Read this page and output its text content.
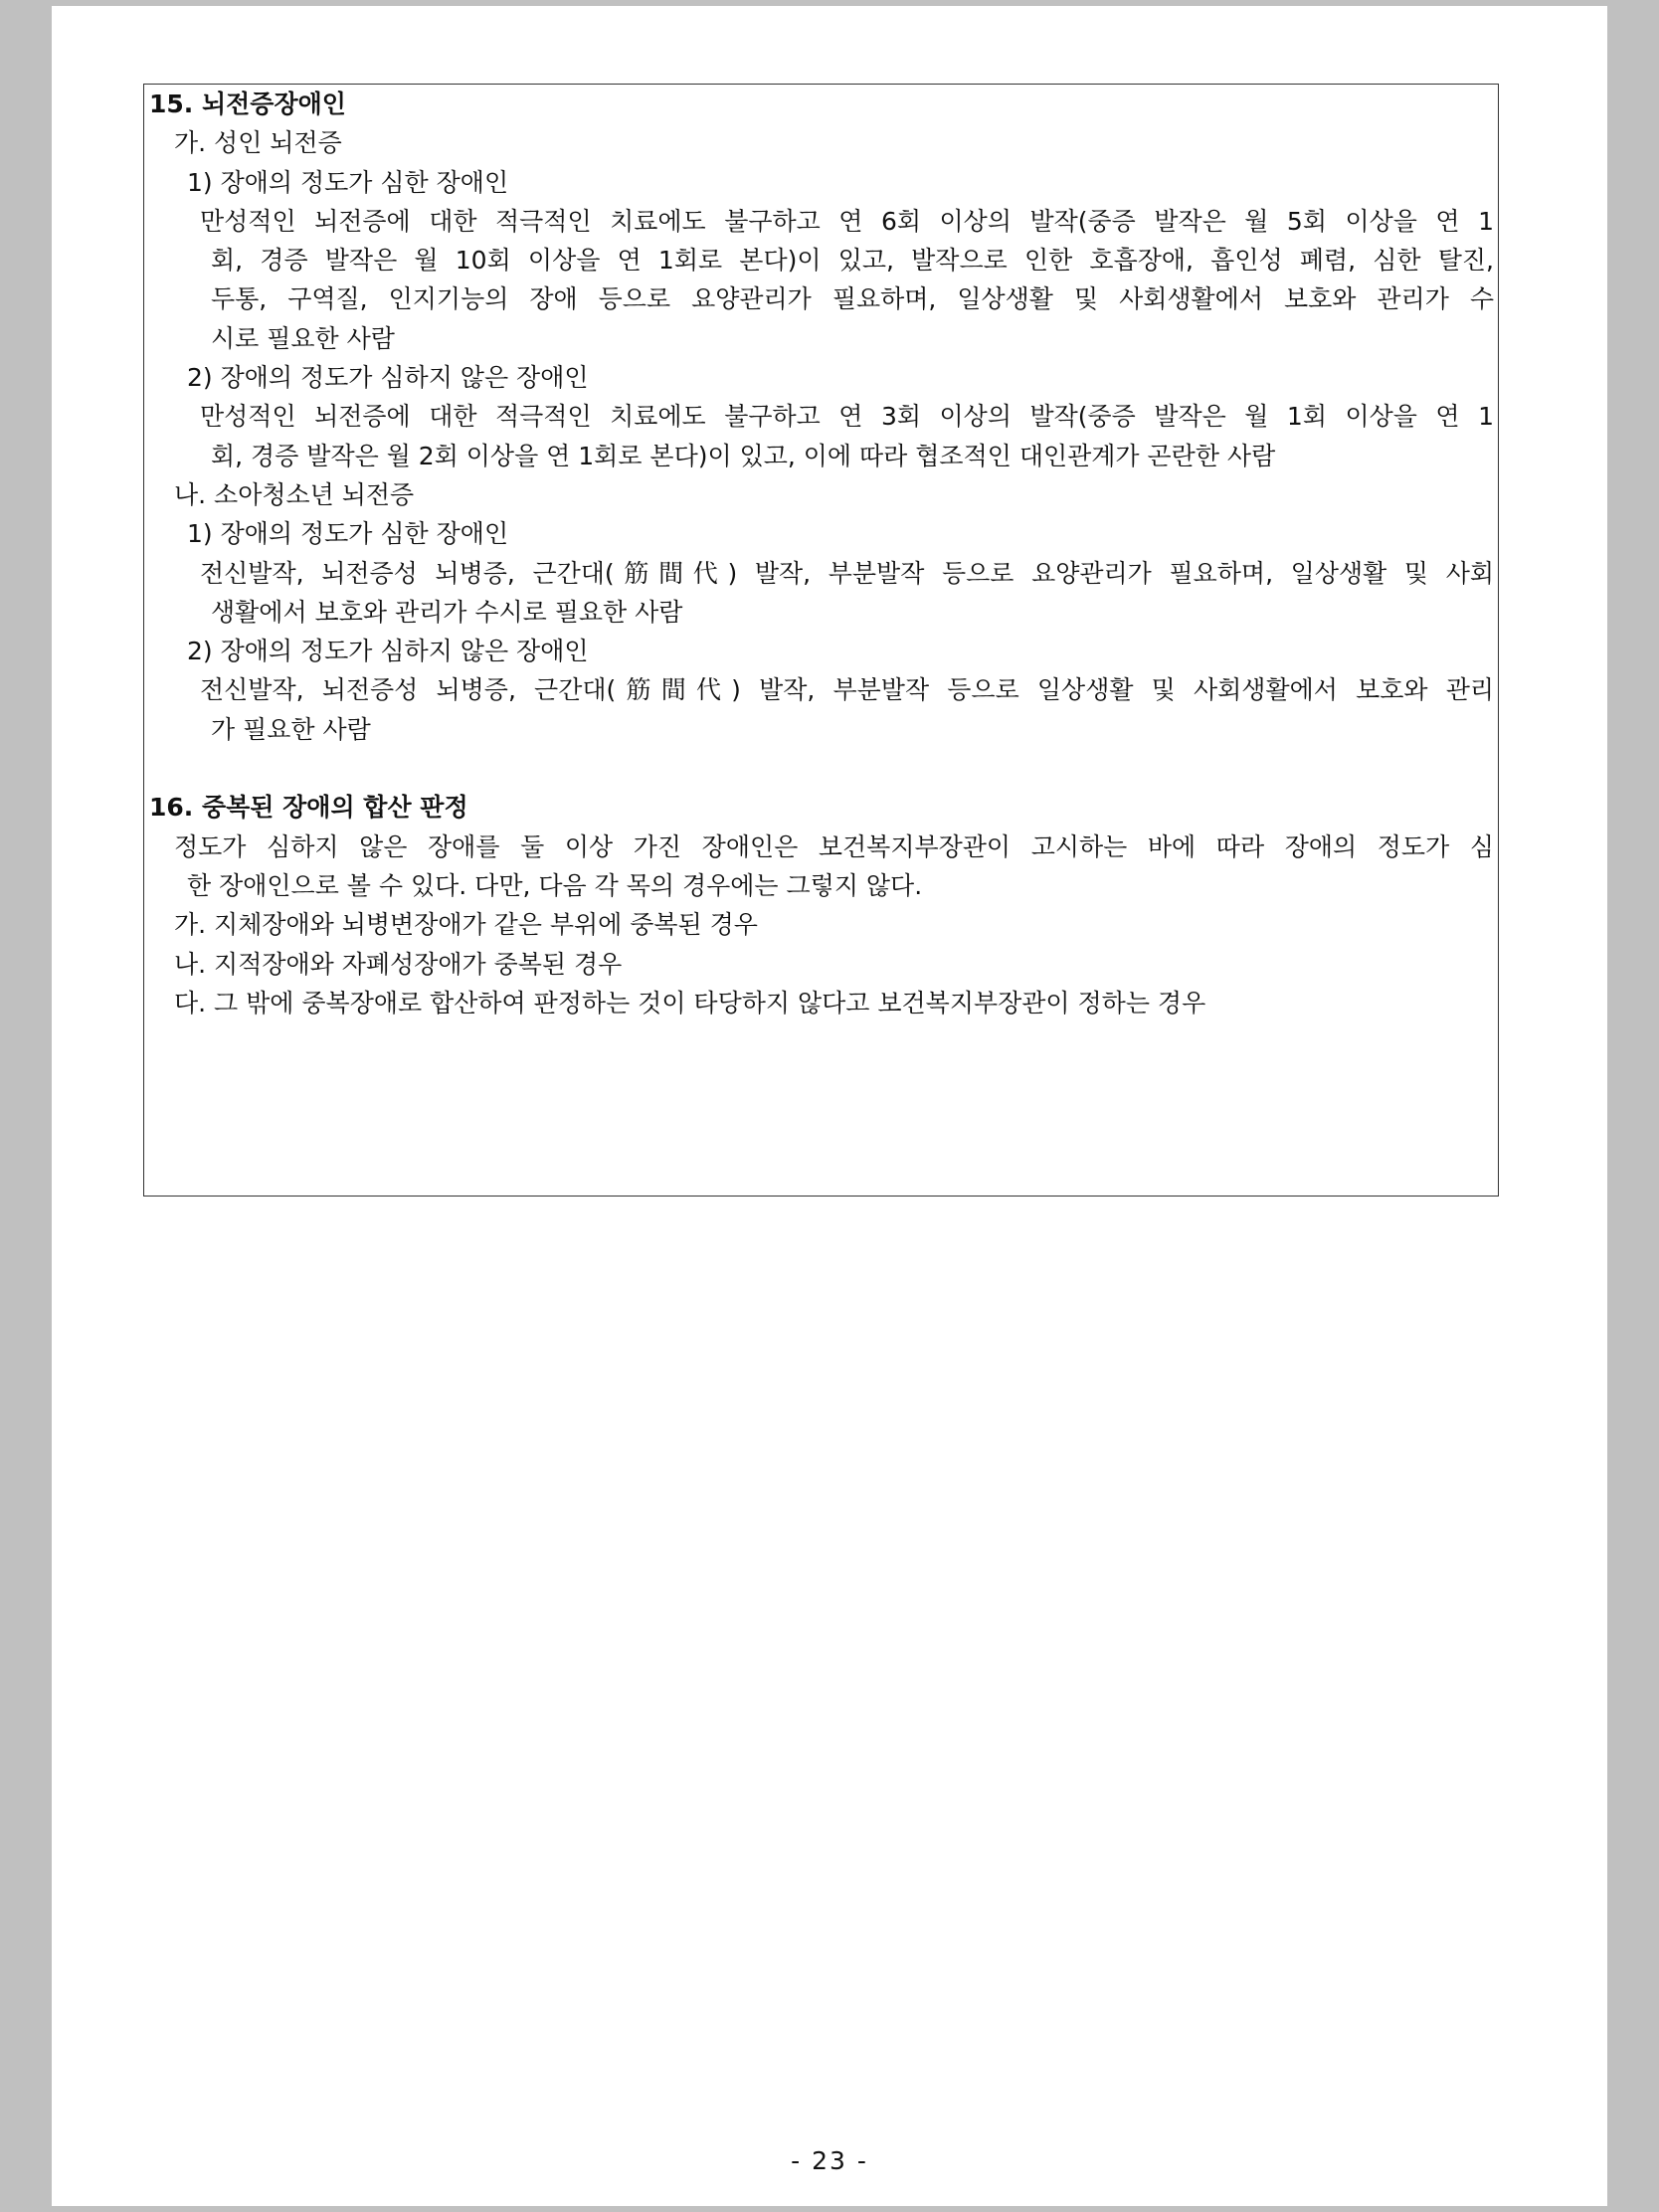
15. 뇌전증장애인
가. 성인 뇌전증
1) 장애의 정도가 심한 장애인
만성적인 뇌전증에 대한 적극적인 치료에도 불구하고 연 6회 이상의 발작(중증 발작은 월 5회 이상을 연 1
회, 경증 발작은 월 10회 이상을 연 1회로 본다)이 있고, 발작으로 인한 호흡장애, 흡인성 폐렴, 심한 탈진,
두통, 구역질, 인지기능의 장애 등으로 요양관리가 필요하며, 일상생활 및 사회생활에서 보호와 관리가 수
시로 필요한 사람
2) 장애의 정도가 심하지 않은 장애인
만성적인 뇌전증에 대한 적극적인 치료에도 불구하고 연 3회 이상의 발작(중증 발작은 월 1회 이상을 연 1
회, 경증 발작은 월 2회 이상을 연 1회로 본다)이 있고, 이에 따라 협조적인 대인관계가 곤란한 사람
나. 소아청소년 뇌전증
1) 장애의 정도가 심한 장애인
전신발작, 뇌전증성 뇌병증, 근간대(筋間代) 발작, 부분발작 등으로 요양관리가 필요하며, 일상생활 및 사회
생활에서 보호와 관리가 수시로 필요한 사람
2) 장애의 정도가 심하지 않은 장애인
전신발작, 뇌전증성 뇌병증, 근간대(筋間代) 발작, 부분발작 등으로 일상생활 및 사회생활에서 보호와 관리
가 필요한 사람
16. 중복된 장애의 합산 판정
정도가 심하지 않은 장애를 둘 이상 가진 장애인은 보건복지부장관이 고시하는 바에 따라 장애의 정도가 심
한 장애인으로 볼 수 있다. 다만, 다음 각 목의 경우에는 그렇지 않다.
가. 지체장애와 뇌병변장애가 같은 부위에 중복된 경우
나. 지적장애와 자폐성장애가 중복된 경우
다. 그 밖에 중복장애로 합산하여 판정하는 것이 타당하지 않다고 보건복지부장관이 정하는 경우
- 23 -
